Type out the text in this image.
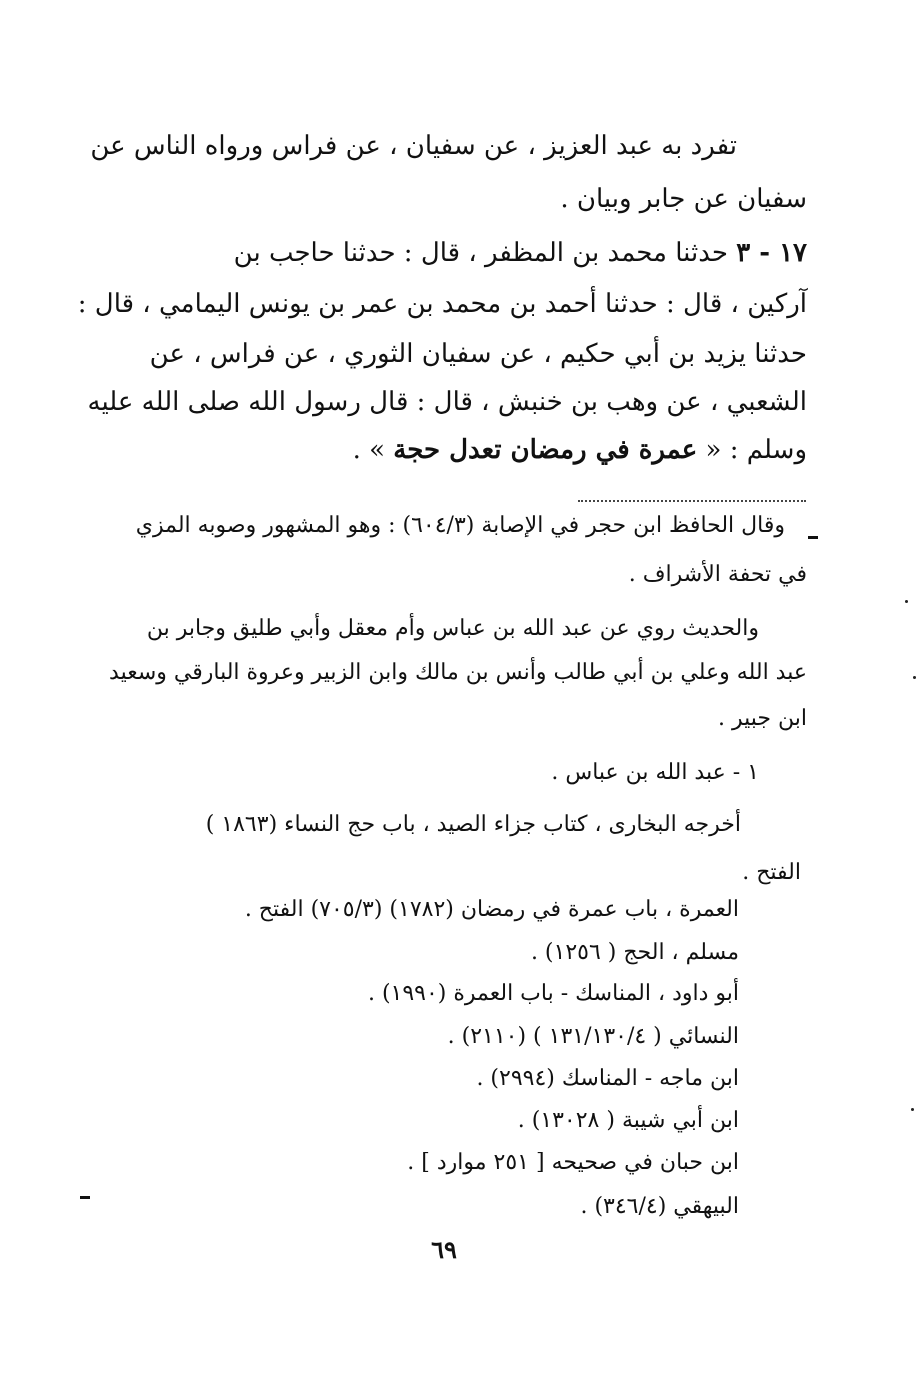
تفرد به عبد العزيز ، عن سفيان ، عن فراس ورواه الناس عن
سفيان عن جابر وبيان .
١٧ - ٣ حدثنا محمد بن المظفر ، قال : حدثنا حاجب بن
آركين ، قال : حدثنا أحمد بن محمد بن عمر بن يونس اليمامي ، قال :
حدثنا يزيد بن أبي حكيم ، عن سفيان الثوري ، عن فراس ، عن
الشعبي ، عن وهب بن خنبش ، قال : قال رسول الله صلى الله عليه
وسلم : « عمرة في رمضان تعدل حجة » .
وقال الحافظ ابن حجر في الإصابة (٦٠٤/٣) : وهو المشهور وصوبه المزي
في تحفة الأشراف .
والحديث روي عن عبد الله بن عباس وأم معقل وأبي طليق وجابر بن
عبد الله وعلي بن أبي طالب وأنس بن مالك وابن الزبير وعروة البارقي وسعيد
ابن جبير .
١ - عبد الله بن عباس .
أخرجه البخارى ، كتاب جزاء الصيد ، باب حج النساء (١٨٦٣ )
الفتح .
العمرة ، باب عمرة في رمضان (١٧٨٢) (٧٠٥/٣) الفتح .
مسلم ، الحج ( ١٢٥٦) .
أبو داود ، المناسك - باب العمرة (١٩٩٠) .
النسائي ( ١٣١/١٣٠/٤ ) (٢١١٠) .
ابن ماجه - المناسك (٢٩٩٤) .
ابن أبي شيبة ( ١٣٠٢٨) .
ابن حبان في صحيحه [ ٢٥١ موارد ] .
البيهقي (٣٤٦/٤) .
٦٩
